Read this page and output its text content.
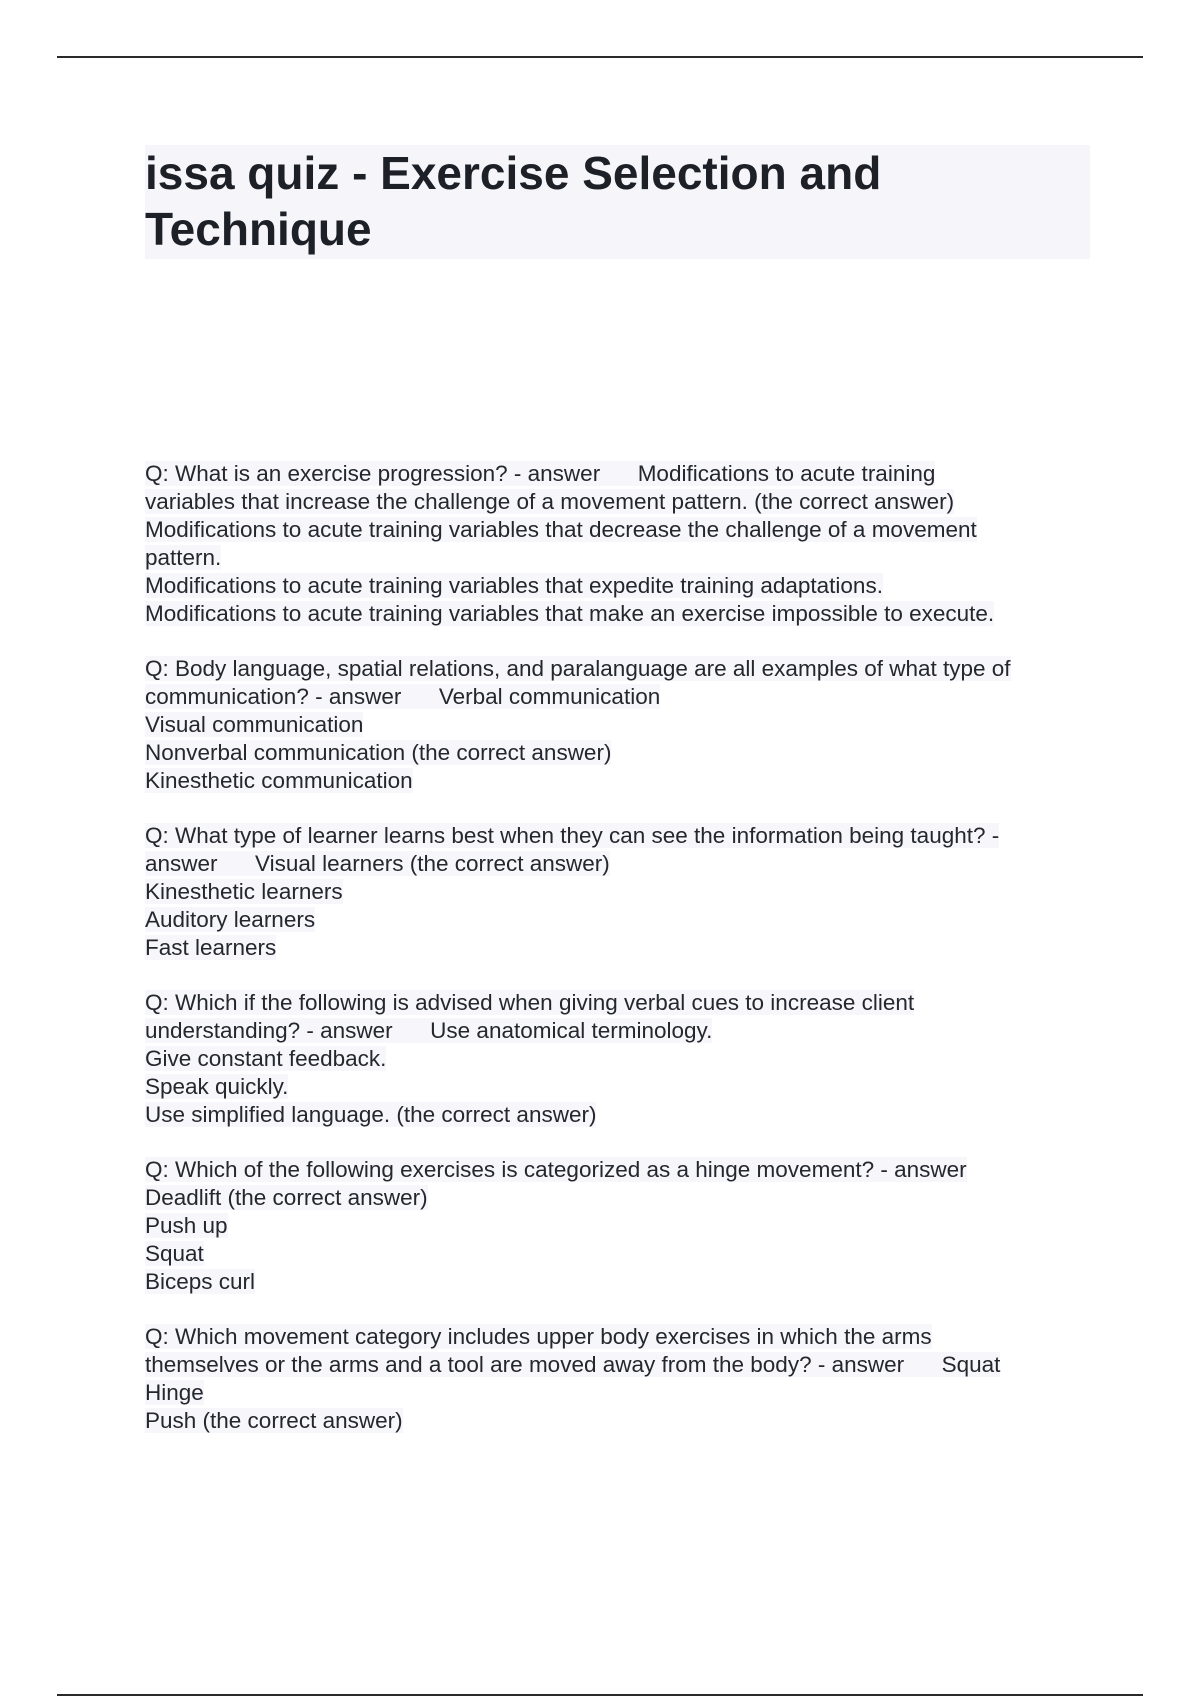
issa quiz - Exercise Selection and Technique
Q: What is an exercise progression? - answer      Modifications to acute training
variables that increase the challenge of a movement pattern. (the correct answer)
Modifications to acute training variables that decrease the challenge of a movement
pattern.
Modifications to acute training variables that expedite training adaptations.
Modifications to acute training variables that make an exercise impossible to execute.
Q: Body language, spatial relations, and paralanguage are all examples of what type of
communication? - answer      Verbal communication
Visual communication
Nonverbal communication (the correct answer)
Kinesthetic communication
Q: What type of learner learns best when they can see the information being taught? -
answer      Visual learners (the correct answer)
Kinesthetic learners
Auditory learners
Fast learners
Q: Which if the following is advised when giving verbal cues to increase client
understanding? - answer      Use anatomical terminology.
Give constant feedback.
Speak quickly.
Use simplified language. (the correct answer)
Q: Which of the following exercises is categorized as a hinge movement? - answer
Deadlift (the correct answer)
Push up
Squat
Biceps curl
Q: Which movement category includes upper body exercises in which the arms
themselves or the arms and a tool are moved away from the body? - answer      Squat
Hinge
Push (the correct answer)
